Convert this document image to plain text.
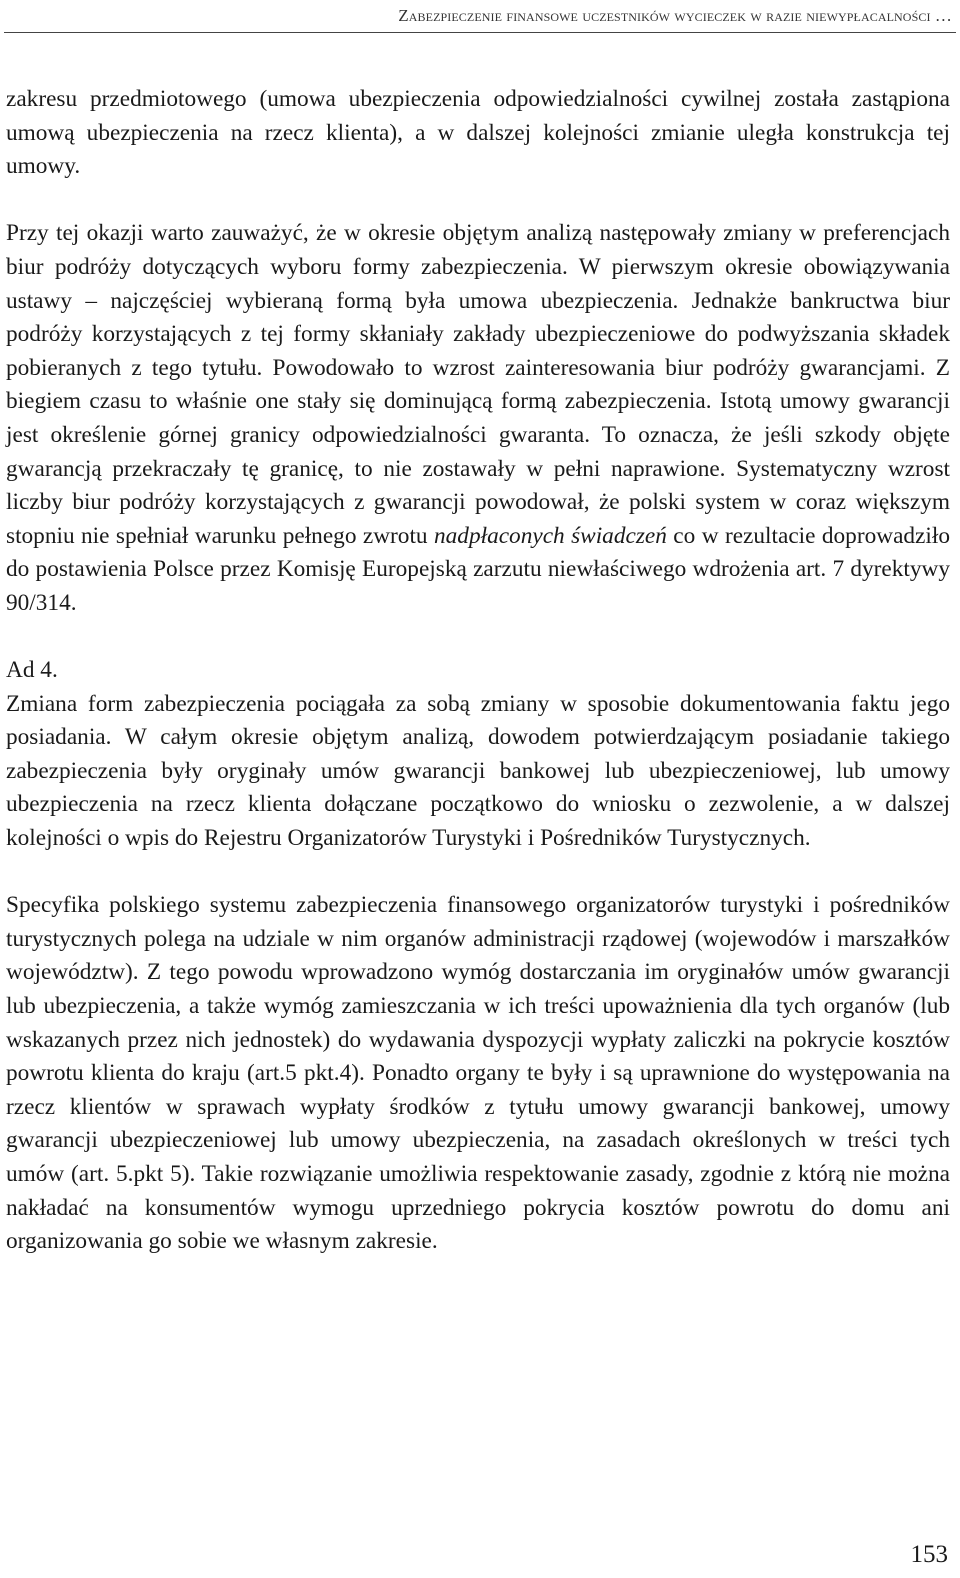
Zabezpieczenie finansowe uczestników wycieczek w razie niewypłacalności …

zakresu przedmiotowego (umowa ubezpieczenia odpowiedzialności cywilnej została zastąpiona umową ubezpieczenia na rzecz klienta), a w dalszej kolejności zmianie uległa konstrukcja tej umowy.

Przy tej okazji warto zauważyć, że w okresie objętym analizą następowały zmiany w preferencjach biur podróży dotyczących wyboru formy zabezpieczenia. W pierwszym okresie obowiązywania ustawy – najczęściej wybieraną formą była umowa ubezpieczenia. Jednakże bankructwa biur podróży korzystających z tej formy skłaniały zakłady ubezpieczeniowe do podwyższania składek pobieranych z tego tytułu. Powodowało to wzrost zainteresowania biur podróży gwarancjami. Z biegiem czasu to właśnie one stały się dominującą formą zabezpieczenia. Istotą umowy gwarancji jest określenie górnej granicy odpowiedzialności gwaranta. To oznacza, że jeśli szkody objęte gwarancją przekraczały tę granicę, to nie zostawały w pełni naprawione. Systematyczny wzrost liczby biur podróży korzystających z gwarancji powodował, że polski system w coraz większym stopniu nie spełniał warunku pełnego zwrotu nadpłaconych świadczeń co w rezultacie doprowadziło do postawienia Polsce przez Komisję Europejską zarzutu niewłaściwego wdrożenia art. 7 dyrektywy 90/314.

Ad 4.

Zmiana form zabezpieczenia pociągała za sobą zmiany w sposobie dokumentowania faktu jego posiadania. W całym okresie objętym analizą, dowodem potwierdzającym posiadanie takiego zabezpieczenia były oryginały umów gwarancji bankowej lub ubezpieczeniowej, lub umowy ubezpieczenia na rzecz klienta dołączane początkowo do wniosku o zezwolenie, a w dalszej kolejności o wpis do Rejestru Organizatorów Turystyki i Pośredników Turystycznych.

Specyfika polskiego systemu zabezpieczenia finansowego organizatorów turystyki i pośredników turystycznych polega na udziale w nim organów administracji rządowej (wojewodów i marszałków województw). Z tego powodu wprowadzono wymóg dostarczania im oryginałów umów gwarancji lub ubezpieczenia, a także wymóg zamieszczania w ich treści upoważnienia dla tych organów (lub wskazanych przez nich jednostek) do wydawania dyspozycji wypłaty zaliczki na pokrycie kosztów powrotu klienta do kraju (art.5 pkt.4). Ponadto organy te były i są uprawnione do występowania na rzecz klientów w sprawach wypłaty środków z tytułu umowy gwarancji bankowej, umowy gwarancji ubezpieczeniowej lub umowy ubezpieczenia, na zasadach określonych w treści tych umów (art. 5.pkt 5). Takie rozwiązanie umożliwia respektowanie zasady, zgodnie z którą nie można nakładać na konsumentów wymogu uprzedniego pokrycia kosztów powrotu do domu ani organizowania go sobie we własnym zakresie.

153
